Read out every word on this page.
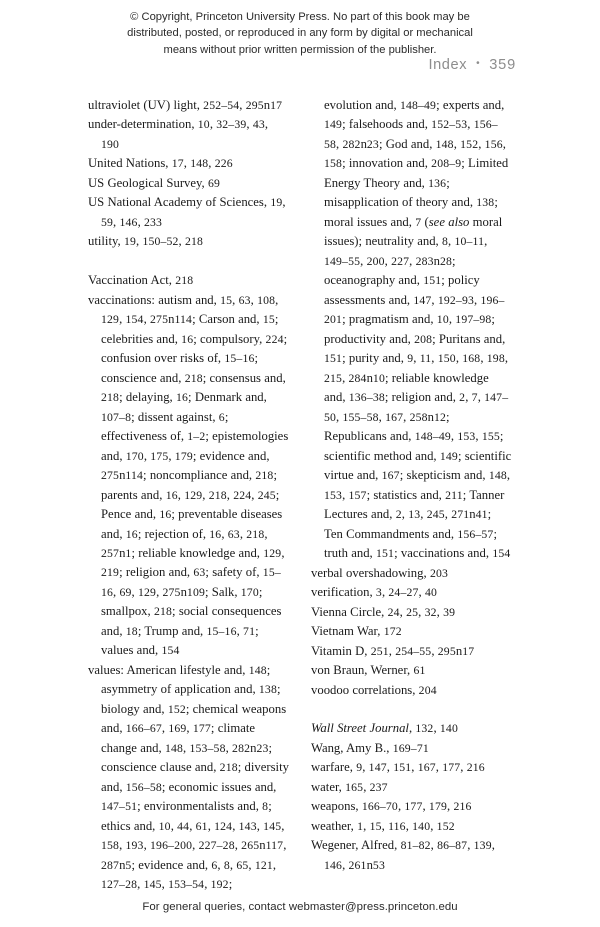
© Copyright, Princeton University Press. No part of this book may be
distributed, posted, or reproduced in any form by digital or mechanical
means without prior written permission of the publisher.
Index • 359

ultraviolet (UV) light, 252–54, 295n17

under-determination, 10, 32–39, 43, 190

United Nations, 17, 148, 226

US Geological Survey, 69

US National Academy of Sciences, 19, 59, 146, 233

utility, 19, 150–52, 218

Vaccination Act, 218

vaccinations: autism and, 15, 63, 108, 129, 154, 275n114; Carson and, 15; celebrities and, 16; compulsory, 224; confusion over risks of, 15–16; conscience and, 218; consensus and, 218; delaying, 16; Denmark and, 107–8; dissent against, 6; effectiveness of, 1–2; epistemologies and, 170, 175, 179; evidence and, 275n114; noncompliance and, 218; parents and, 16, 129, 218, 224, 245; Pence and, 16; preventable diseases and, 16; rejection of, 16, 63, 218, 257n1; reliable knowledge and, 129, 219; religion and, 63; safety of, 15–16, 69, 129, 275n109; Salk, 170; smallpox, 218; social consequences and, 18; Trump and, 15–16, 71; values and, 154

values: American lifestyle and, 148; asymmetry of application and, 138; biology and, 152; chemical weapons and, 166–67, 169, 177; climate change and, 148, 153–58, 282n23; conscience clause and, 218; diversity and, 156–58; economic issues and, 147–51; environmentalists and, 8; ethics and, 10, 44, 61, 124, 143, 145, 158, 193, 196–200, 227–28, 265n117, 287n5; evidence and, 6, 8, 65, 121, 127–28, 145, 153–54, 192;

evolution and, 148–49; experts and, 149; falsehoods and, 152–53, 156–58, 282n23; God and, 148, 152, 156, 158; innovation and, 208–9; Limited Energy Theory and, 136; misapplication of theory and, 138; moral issues and, 7 (see also moral issues); neutrality and, 8, 10–11, 149–55, 200, 227, 283n28; oceanography and, 151; policy assessments and, 147, 192–93, 196–201; pragmatism and, 10, 197–98; productivity and, 208; Puritans and, 151; purity and, 9, 11, 150, 168, 198, 215, 284n10; reliable knowledge and, 136–38; religion and, 2, 7, 147–50, 155–58, 167, 258n12; Republicans and, 148–49, 153, 155; scientific method and, 149; scientific virtue and, 167; skepticism and, 148, 153, 157; statistics and, 211; Tanner Lectures and, 2, 13, 245, 271n41; Ten Commandments and, 156–57; truth and, 151; vaccinations and, 154

verbal overshadowing, 203

verification, 3, 24–27, 40

Vienna Circle, 24, 25, 32, 39

Vietnam War, 172

Vitamin D, 251, 254–55, 295n17

von Braun, Werner, 61

voodoo correlations, 204

Wall Street Journal, 132, 140

Wang, Amy B., 169–71

warfare, 9, 147, 151, 167, 177, 216

water, 165, 237

weapons, 166–70, 177, 179, 216

weather, 1, 15, 116, 140, 152

Wegener, Alfred, 81–82, 86–87, 139, 146, 261n53

For general queries, contact webmaster@press.princeton.edu
